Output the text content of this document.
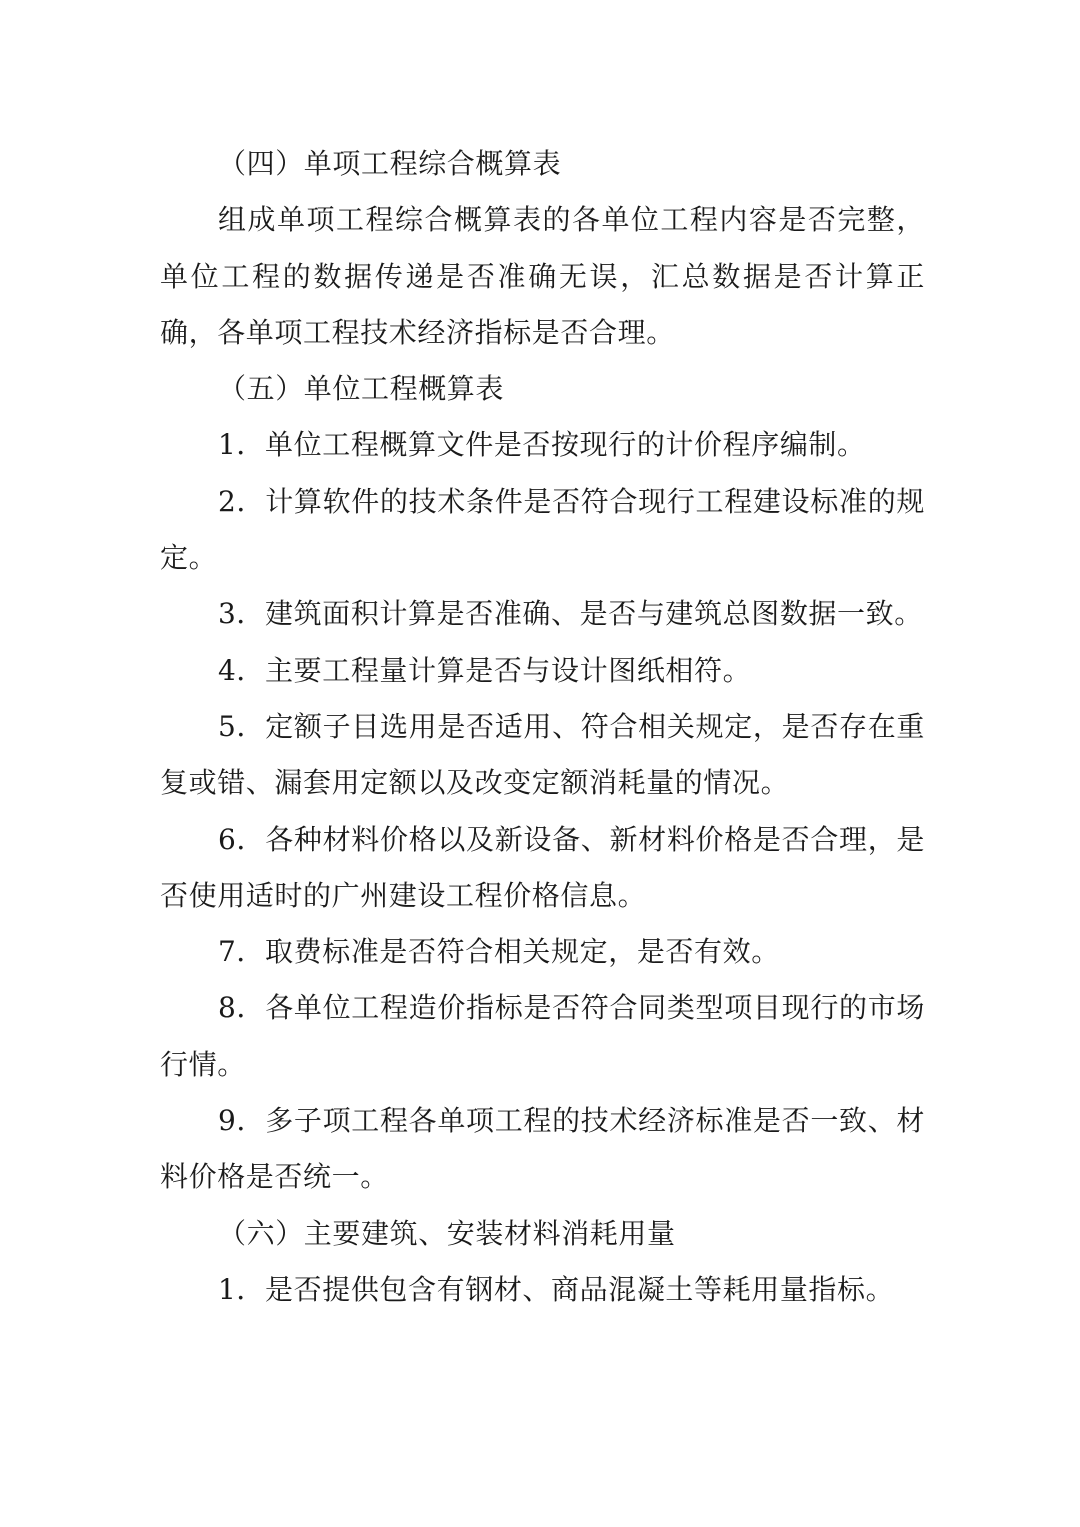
（四）单项工程综合概算表

组成单项工程综合概算表的各单位工程内容是否完整，单位工程的数据传递是否准确无误，汇总数据是否计算正确，各单项工程技术经济指标是否合理。

（五）单位工程概算表

1．单位工程概算文件是否按现行的计价程序编制。

2．计算软件的技术条件是否符合现行工程建设标准的规定。

3．建筑面积计算是否准确、是否与建筑总图数据一致。

4．主要工程量计算是否与设计图纸相符。

5．定额子目选用是否适用、符合相关规定，是否存在重复或错、漏套用定额以及改变定额消耗量的情况。

6．各种材料价格以及新设备、新材料价格是否合理，是否使用适时的广州建设工程价格信息。

7．取费标准是否符合相关规定，是否有效。

8．各单位工程造价指标是否符合同类型项目现行的市场行情。

9．多子项工程各单项工程的技术经济标准是否一致、材料价格是否统一。

（六）主要建筑、安装材料消耗用量

1．是否提供包含有钢材、商品混凝土等耗用量指标。
